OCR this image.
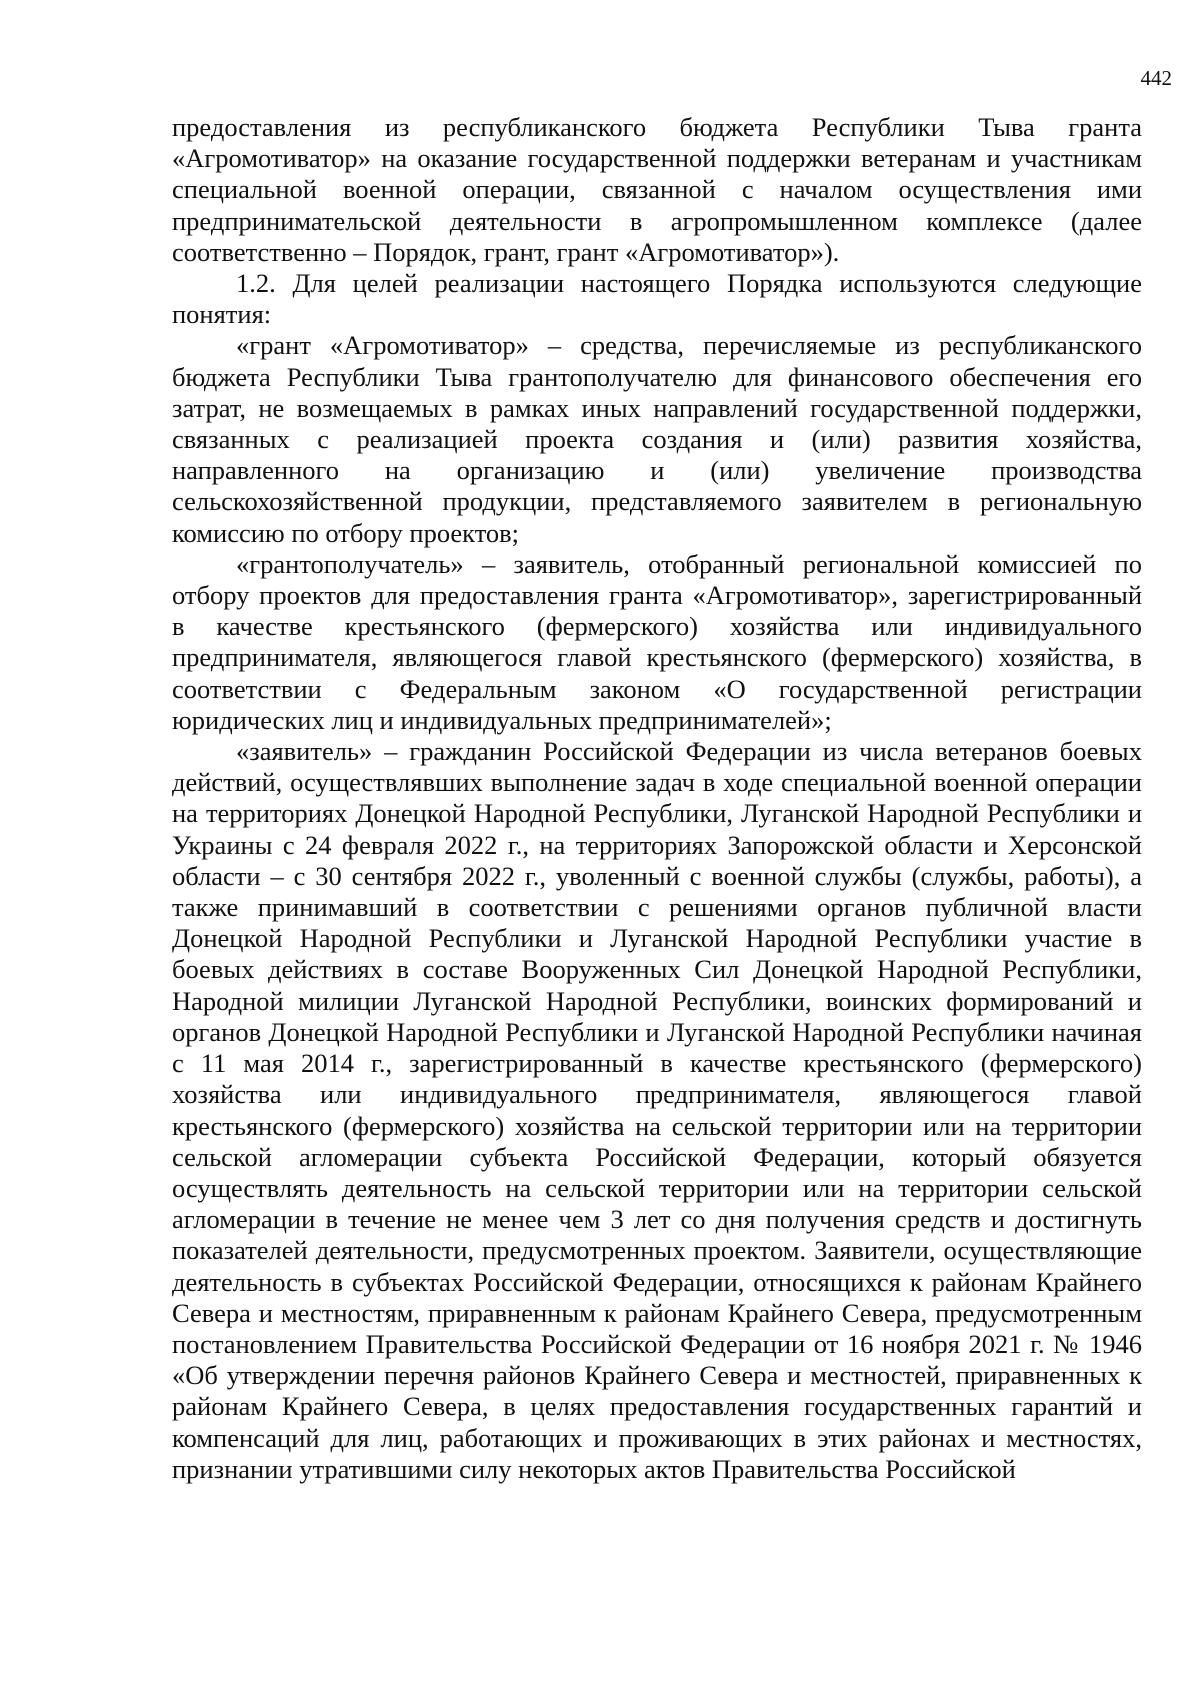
442

предоставления из республиканского бюджета Республики Тыва гранта «Агромотиватор» на оказание государственной поддержки ветеранам и участникам специальной военной операции, связанной с началом осуществления ими предпринимательской деятельности в агропромышленном комплексе (далее соответственно – Порядок, грант, грант «Агромотиватор»).

1.2. Для целей реализации настоящего Порядка используются следующие понятия:

«грант «Агромотиватор» – средства, перечисляемые из республиканского бюджета Республики Тыва грантополучателю для финансового обеспечения его затрат, не возмещаемых в рамках иных направлений государственной поддержки, связанных с реализацией проекта создания и (или) развития хозяйства, направленного на организацию и (или) увеличение производства сельскохозяйственной продукции, представляемого заявителем в региональную комиссию по отбору проектов;

«грантополучатель» – заявитель, отобранный региональной комиссией по отбору проектов для предоставления гранта «Агромотиватор», зарегистрированный в качестве крестьянского (фермерского) хозяйства или индивидуального предпринимателя, являющегося главой крестьянского (фермерского) хозяйства, в соответствии с Федеральным законом «О государственной регистрации юридических лиц и индивидуальных предпринимателей»;

«заявитель» – гражданин Российской Федерации из числа ветеранов боевых действий, осуществлявших выполнение задач в ходе специальной военной операции на территориях Донецкой Народной Республики, Луганской Народной Республики и Украины с 24 февраля 2022 г., на территориях Запорожской области и Херсонской области – с 30 сентября 2022 г., уволенный с военной службы (службы, работы), а также принимавший в соответствии с решениями органов публичной власти Донецкой Народной Республики и Луганской Народной Республики участие в боевых действиях в составе Вооруженных Сил Донецкой Народной Республики, Народной милиции Луганской Народной Республики, воинских формирований и органов Донецкой Народной Республики и Луганской Народной Республики начиная с 11 мая 2014 г., зарегистрированный в качестве крестьянского (фермерского) хозяйства или индивидуального предпринимателя, являющегося главой крестьянского (фермерского) хозяйства на сельской территории или на территории сельской агломерации субъекта Российской Федерации, который обязуется осуществлять деятельность на сельской территории или на территории сельской агломерации в течение не менее чем 3 лет со дня получения средств и достигнуть показателей деятельности, предусмотренных проектом. Заявители, осуществляющие деятельность в субъектах Российской Федерации, относящихся к районам Крайнего Севера и местностям, приравненным к районам Крайнего Севера, предусмотренным постановлением Правительства Российской Федерации от 16 ноября 2021 г. № 1946 «Об утверждении перечня районов Крайнего Севера и местностей, приравненных к районам Крайнего Севера, в целях предоставления государственных гарантий и компенсаций для лиц, работающих и проживающих в этих районах и местностях, признании утратившими силу некоторых актов Правительства Российской
